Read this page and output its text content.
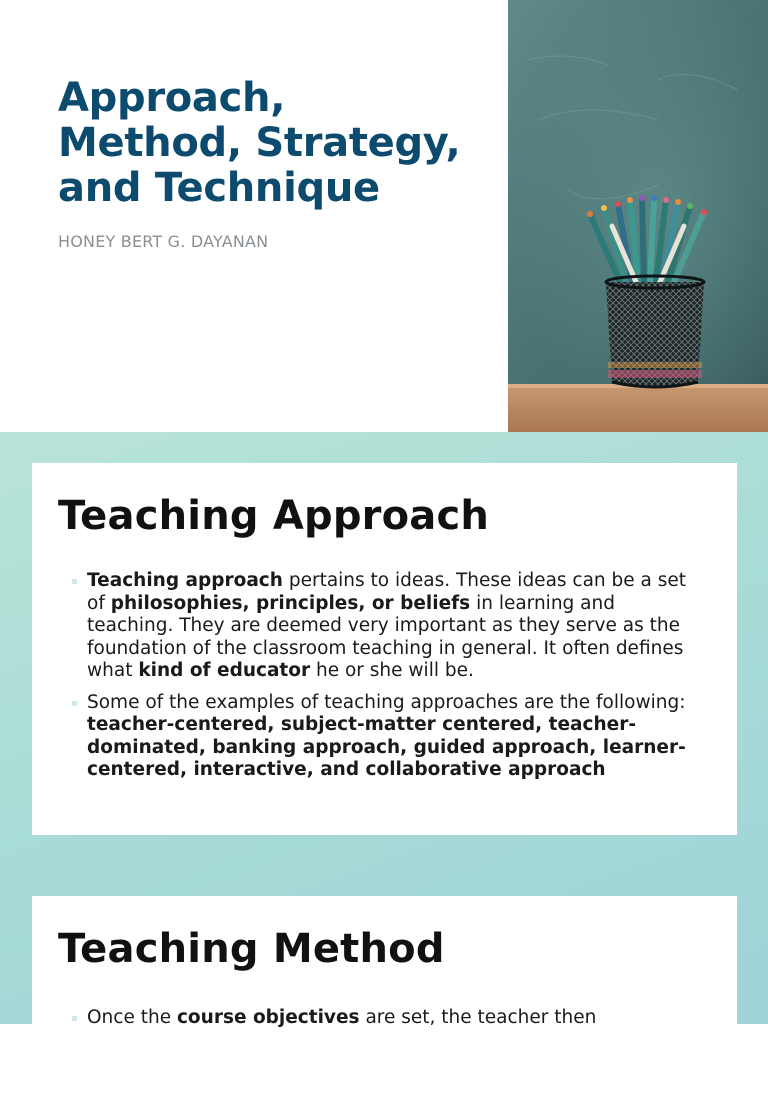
Approach,
Method, Strategy,
and Technique

HONEY BERT G. DAYANAN

Teaching Approach
Teaching approach pertains to ideas. These ideas can be a set of philosophies, principles, or beliefs in learning and teaching. They are deemed very important as they serve as the foundation of the classroom teaching in general. It often defines what kind of educator he or she will be.
Some of the examples of teaching approaches are the following: teacher-centered, subject-matter centered, teacher-dominated, banking approach, guided approach, learner-centered, interactive, and collaborative approach
Teaching Method
Once the course objectives are set, the teacher then
